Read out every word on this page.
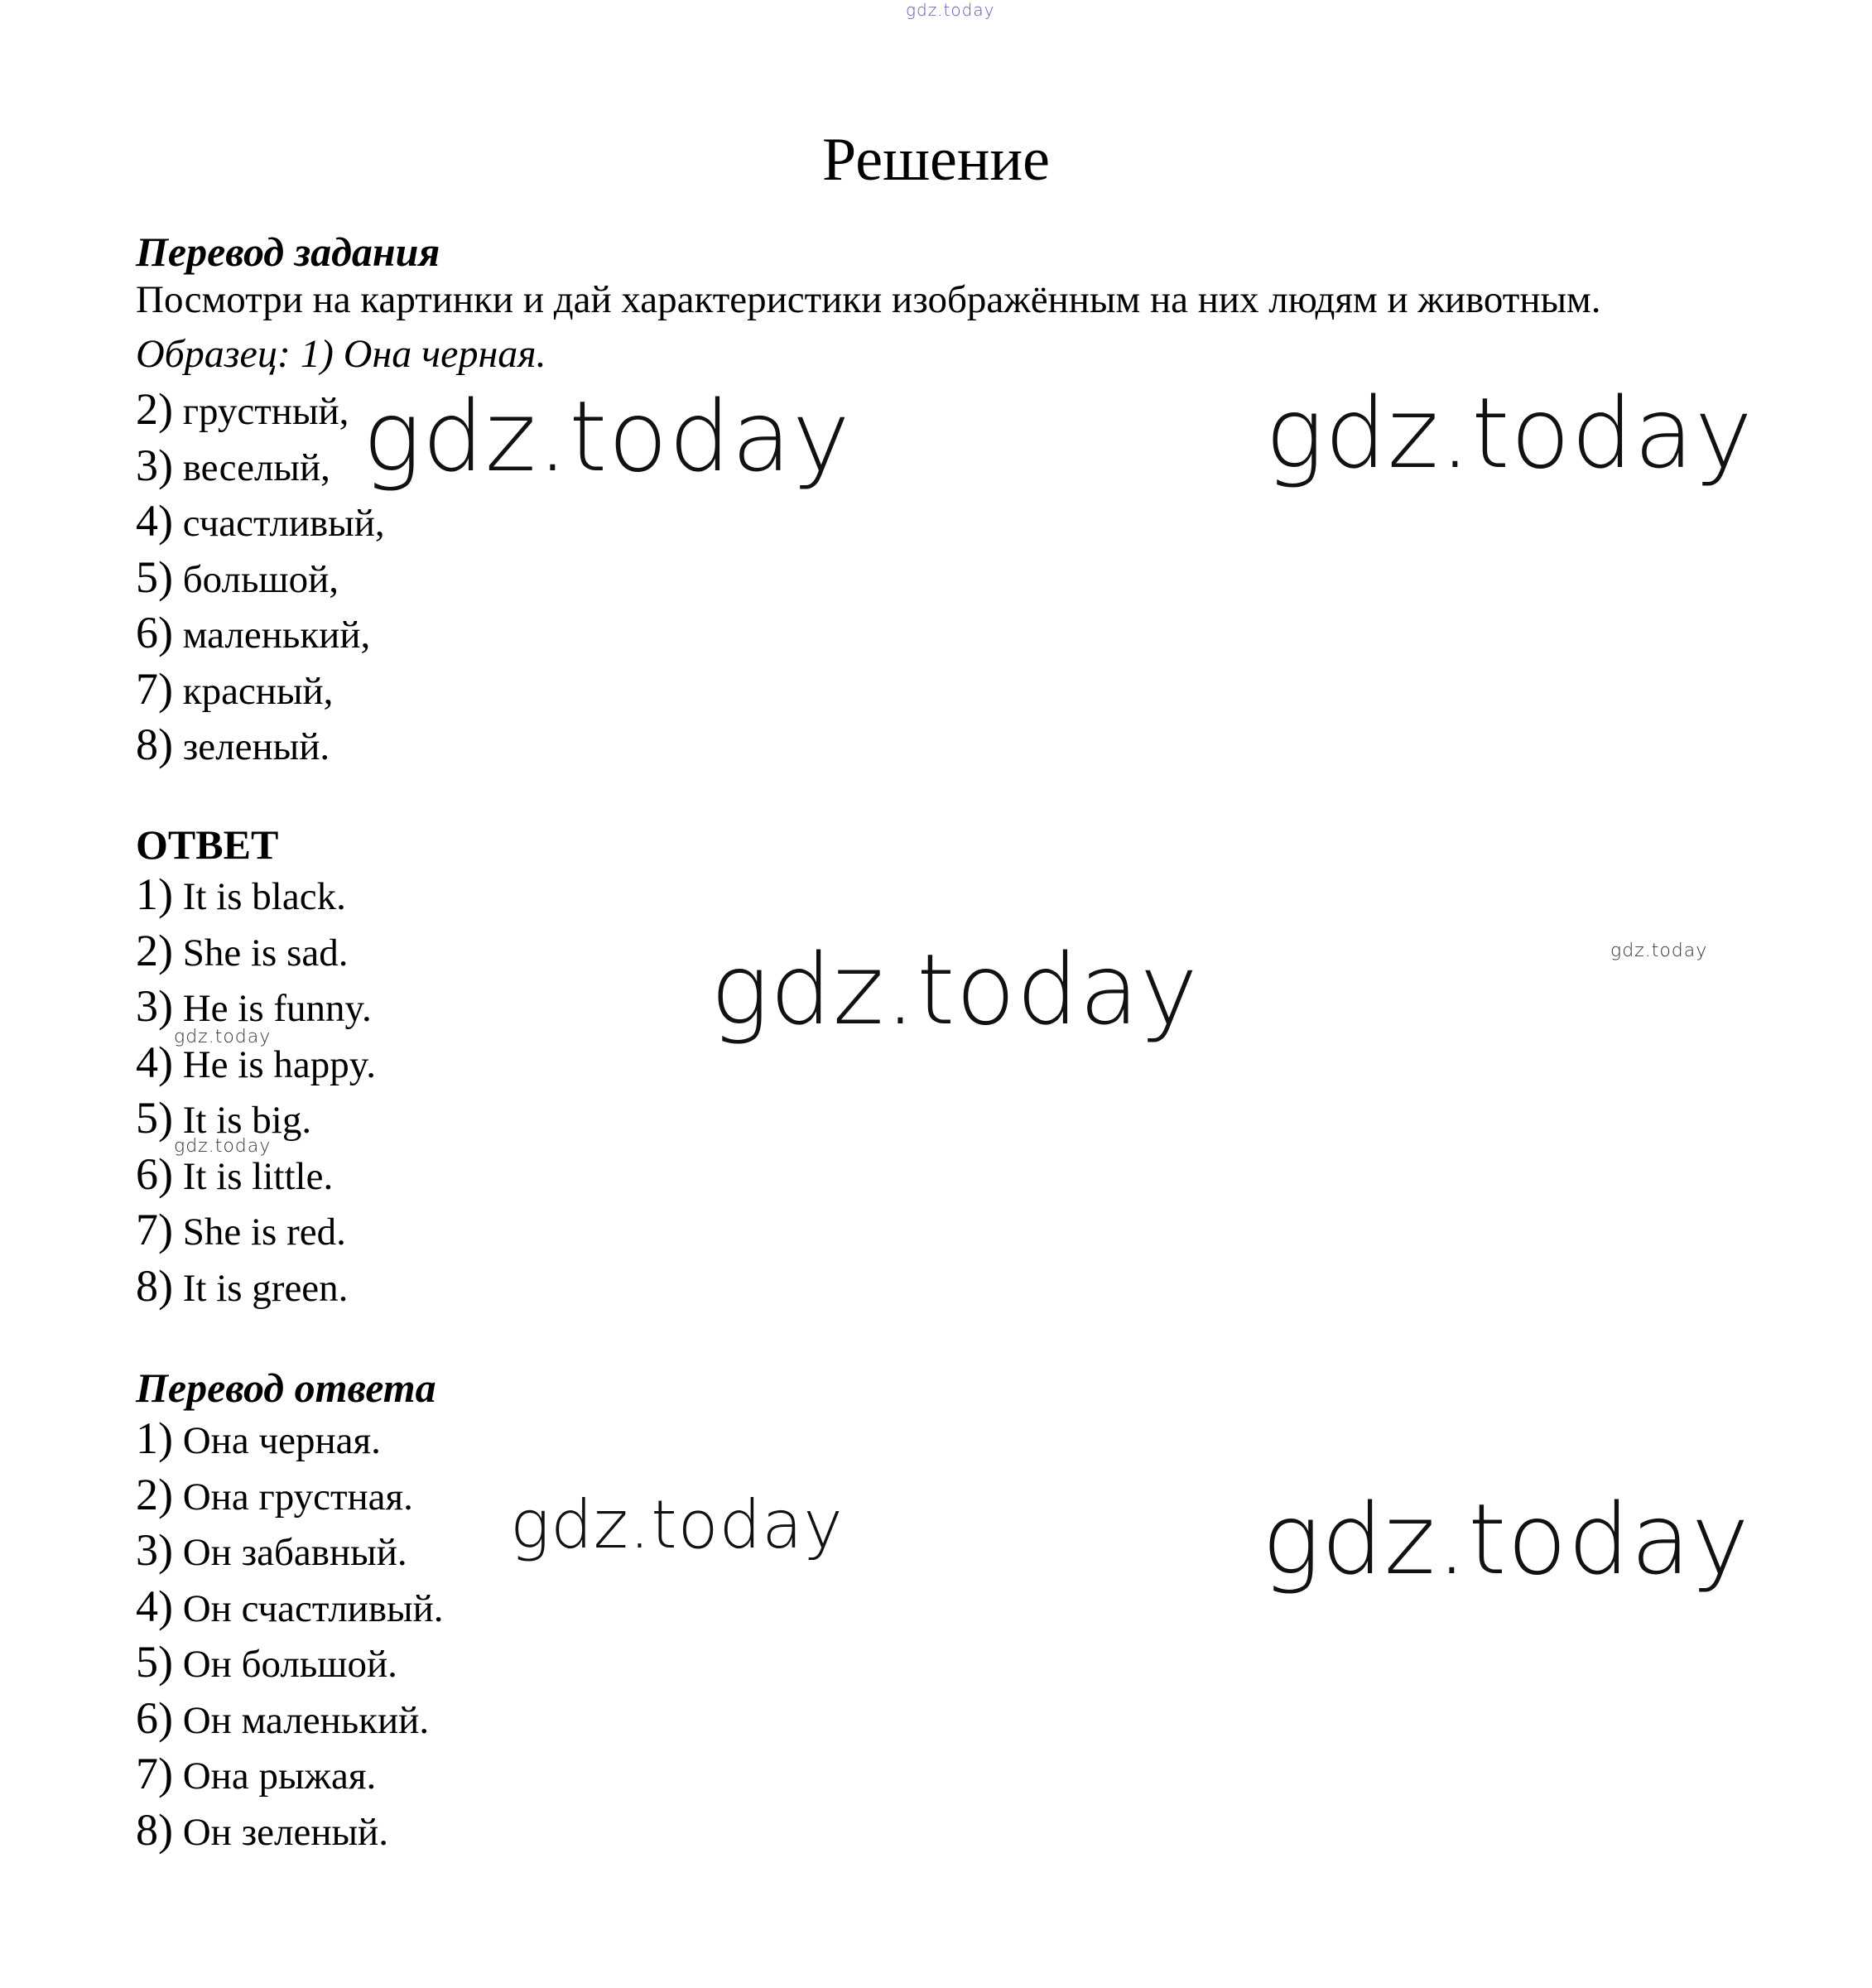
gdz.today
Решение
Перевод задания
Посмотри на картинки и дай характеристики изображённым на них людям и животным.
Образец: 1) Она черная.
2) грустный,
3) веселый,
4) счастливый,
5) большой,
6) маленький,
7) красный,
8) зеленый.
ОТВЕТ
1) It is black.
2) She is sad.
3) He is funny.
4) He is happy.
5) It is big.
6) It is little.
7) She is red.
8) It is green.
Перевод ответа
1) Она черная.
2) Она грустная.
3) Он забавный.
4) Он счастливый.
5) Он большой.
6) Он маленький.
7) Она рыжая.
8) Он зеленый.
gdz.today	gdz.today
gdz.today	gdz.today
gdz.today
gdz.today
gdz.today	gdz.today
